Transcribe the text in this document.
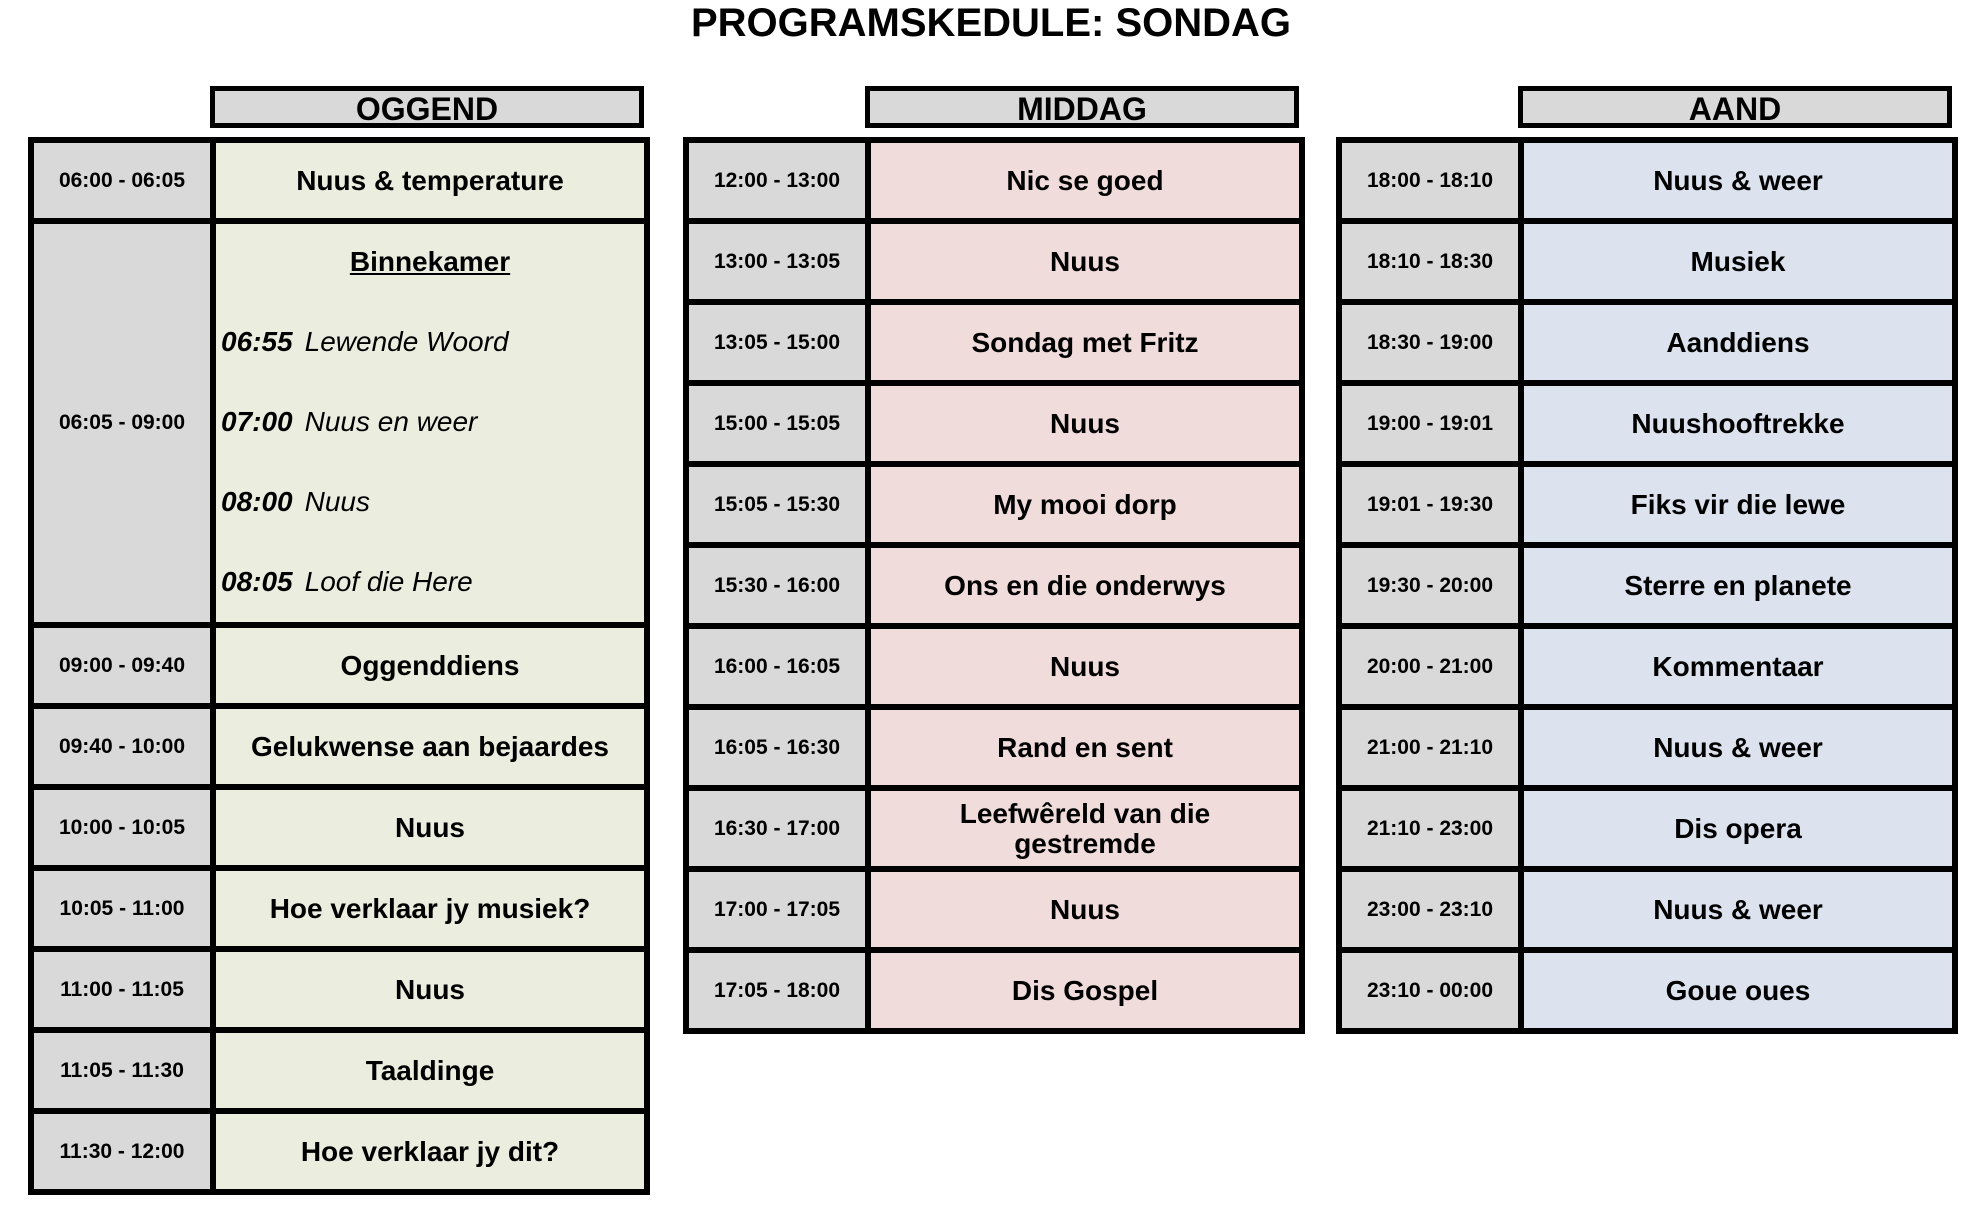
PROGRAMSKEDULE: SONDAG
OGGEND
06:00 - 06:05	Nuus & temperature
06:05 - 09:00	Binnekamer
06:55 Lewende Woord
07:00 Nuus en weer
08:00 Nuus
08:05 Loof die Here

09:00 - 09:40	Oggenddiens
09:40 - 10:00	Gelukwense aan bejaardes
10:00 - 10:05	Nuus
10:05 - 11:00	Hoe verklaar jy musiek?
11:00 - 11:05	Nuus
11:05 - 11:30	Taaldinge
11:30 - 12:00	Hoe verklaar jy dit?
MIDDAG
12:00 - 13:00	Nic se goed
13:00 - 13:05	Nuus
13:05 - 15:00	Sondag met Fritz
15:00 - 15:05	Nuus
15:05 - 15:30	My mooi dorp
15:30 - 16:00	Ons en die onderwys
16:00 - 16:05	Nuus
16:05 - 16:30	Rand en sent
16:30 - 17:00	Leefwêreld van die gestremde
17:00 - 17:05	Nuus
17:05 - 18:00	Dis Gospel
AAND
18:00 - 18:10	Nuus & weer
18:10 - 18:30	Musiek
18:30 - 19:00	Aanddiens
19:00 - 19:01	Nuushooftrekke
19:01 - 19:30	Fiks vir die lewe
19:30 - 20:00	Sterre en planete
20:00 - 21:00	Kommentaar
21:00 - 21:10	Nuus & weer
21:10 - 23:00	Dis opera
23:00 - 23:10	Nuus & weer
23:10 - 00:00	Goue oues
